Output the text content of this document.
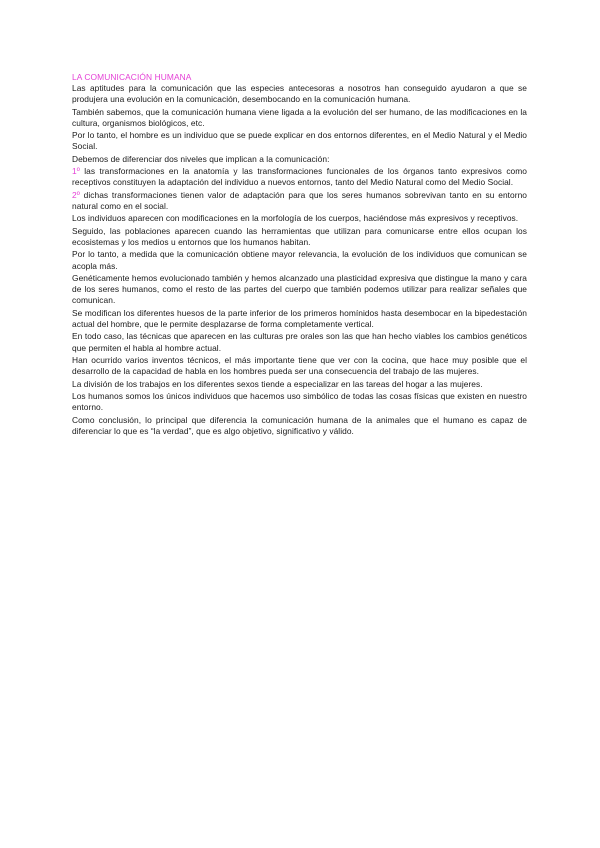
LA COMUNICACIÓN HUMANA

Las aptitudes para la comunicación que las especies antecesoras a nosotros han conseguido ayudaron a que se produjera una evolución en la comunicación, desembocando en la comunicación humana.

También sabemos, que la comunicación humana viene ligada a la evolución del ser humano, de las modificaciones en la cultura, organismos biológicos, etc.

Por lo tanto, el hombre es un individuo que se puede explicar en dos entornos diferentes, en el Medio Natural y el Medio Social.

Debemos de diferenciar dos niveles que implican a la comunicación:

1º las transformaciones en la anatomía y las transformaciones funcionales de los órganos tanto expresivos como receptivos constituyen la adaptación del individuo a nuevos entornos, tanto del Medio Natural como del Medio Social.

2º dichas transformaciones tienen valor de adaptación para que los seres humanos sobrevivan tanto en su entorno natural como en el social.

Los individuos aparecen con modificaciones en la morfología de los cuerpos, haciéndose más expresivos y receptivos.

Seguido, las poblaciones aparecen cuando las herramientas que utilizan para comunicarse entre ellos ocupan los ecosistemas y los medios u entornos que los humanos habitan.

Por lo tanto, a medida que la comunicación obtiene mayor relevancia, la evolución de los individuos que comunican se acopla más.

Genéticamente hemos evolucionado también y hemos alcanzado una plasticidad expresiva que distingue la mano y cara de los seres humanos, como el resto de las partes del cuerpo que también podemos utilizar para realizar señales que comunican.

Se modifican los diferentes huesos de la parte inferior de los primeros homínidos hasta desembocar en la bipedestación actual del hombre, que le permite desplazarse de forma completamente vertical.

En todo caso, las técnicas que aparecen en las culturas pre orales son las que han hecho viables los cambios genéticos que permiten el habla al hombre actual.

Han ocurrido varios inventos técnicos, el más importante tiene que ver con la cocina, que hace muy posible que el desarrollo de la capacidad de habla en los hombres pueda ser una consecuencia del trabajo de las mujeres.

La división de los trabajos en los diferentes sexos tiende a especializar en las tareas del hogar a las mujeres.

Los humanos somos los únicos individuos que hacemos uso simbólico de todas las cosas físicas que existen en nuestro entorno.

Como conclusión, lo principal que diferencia la comunicación humana de la animales que el humano es capaz de diferenciar lo que es “la verdad”, que es algo objetivo, significativo y válido.
